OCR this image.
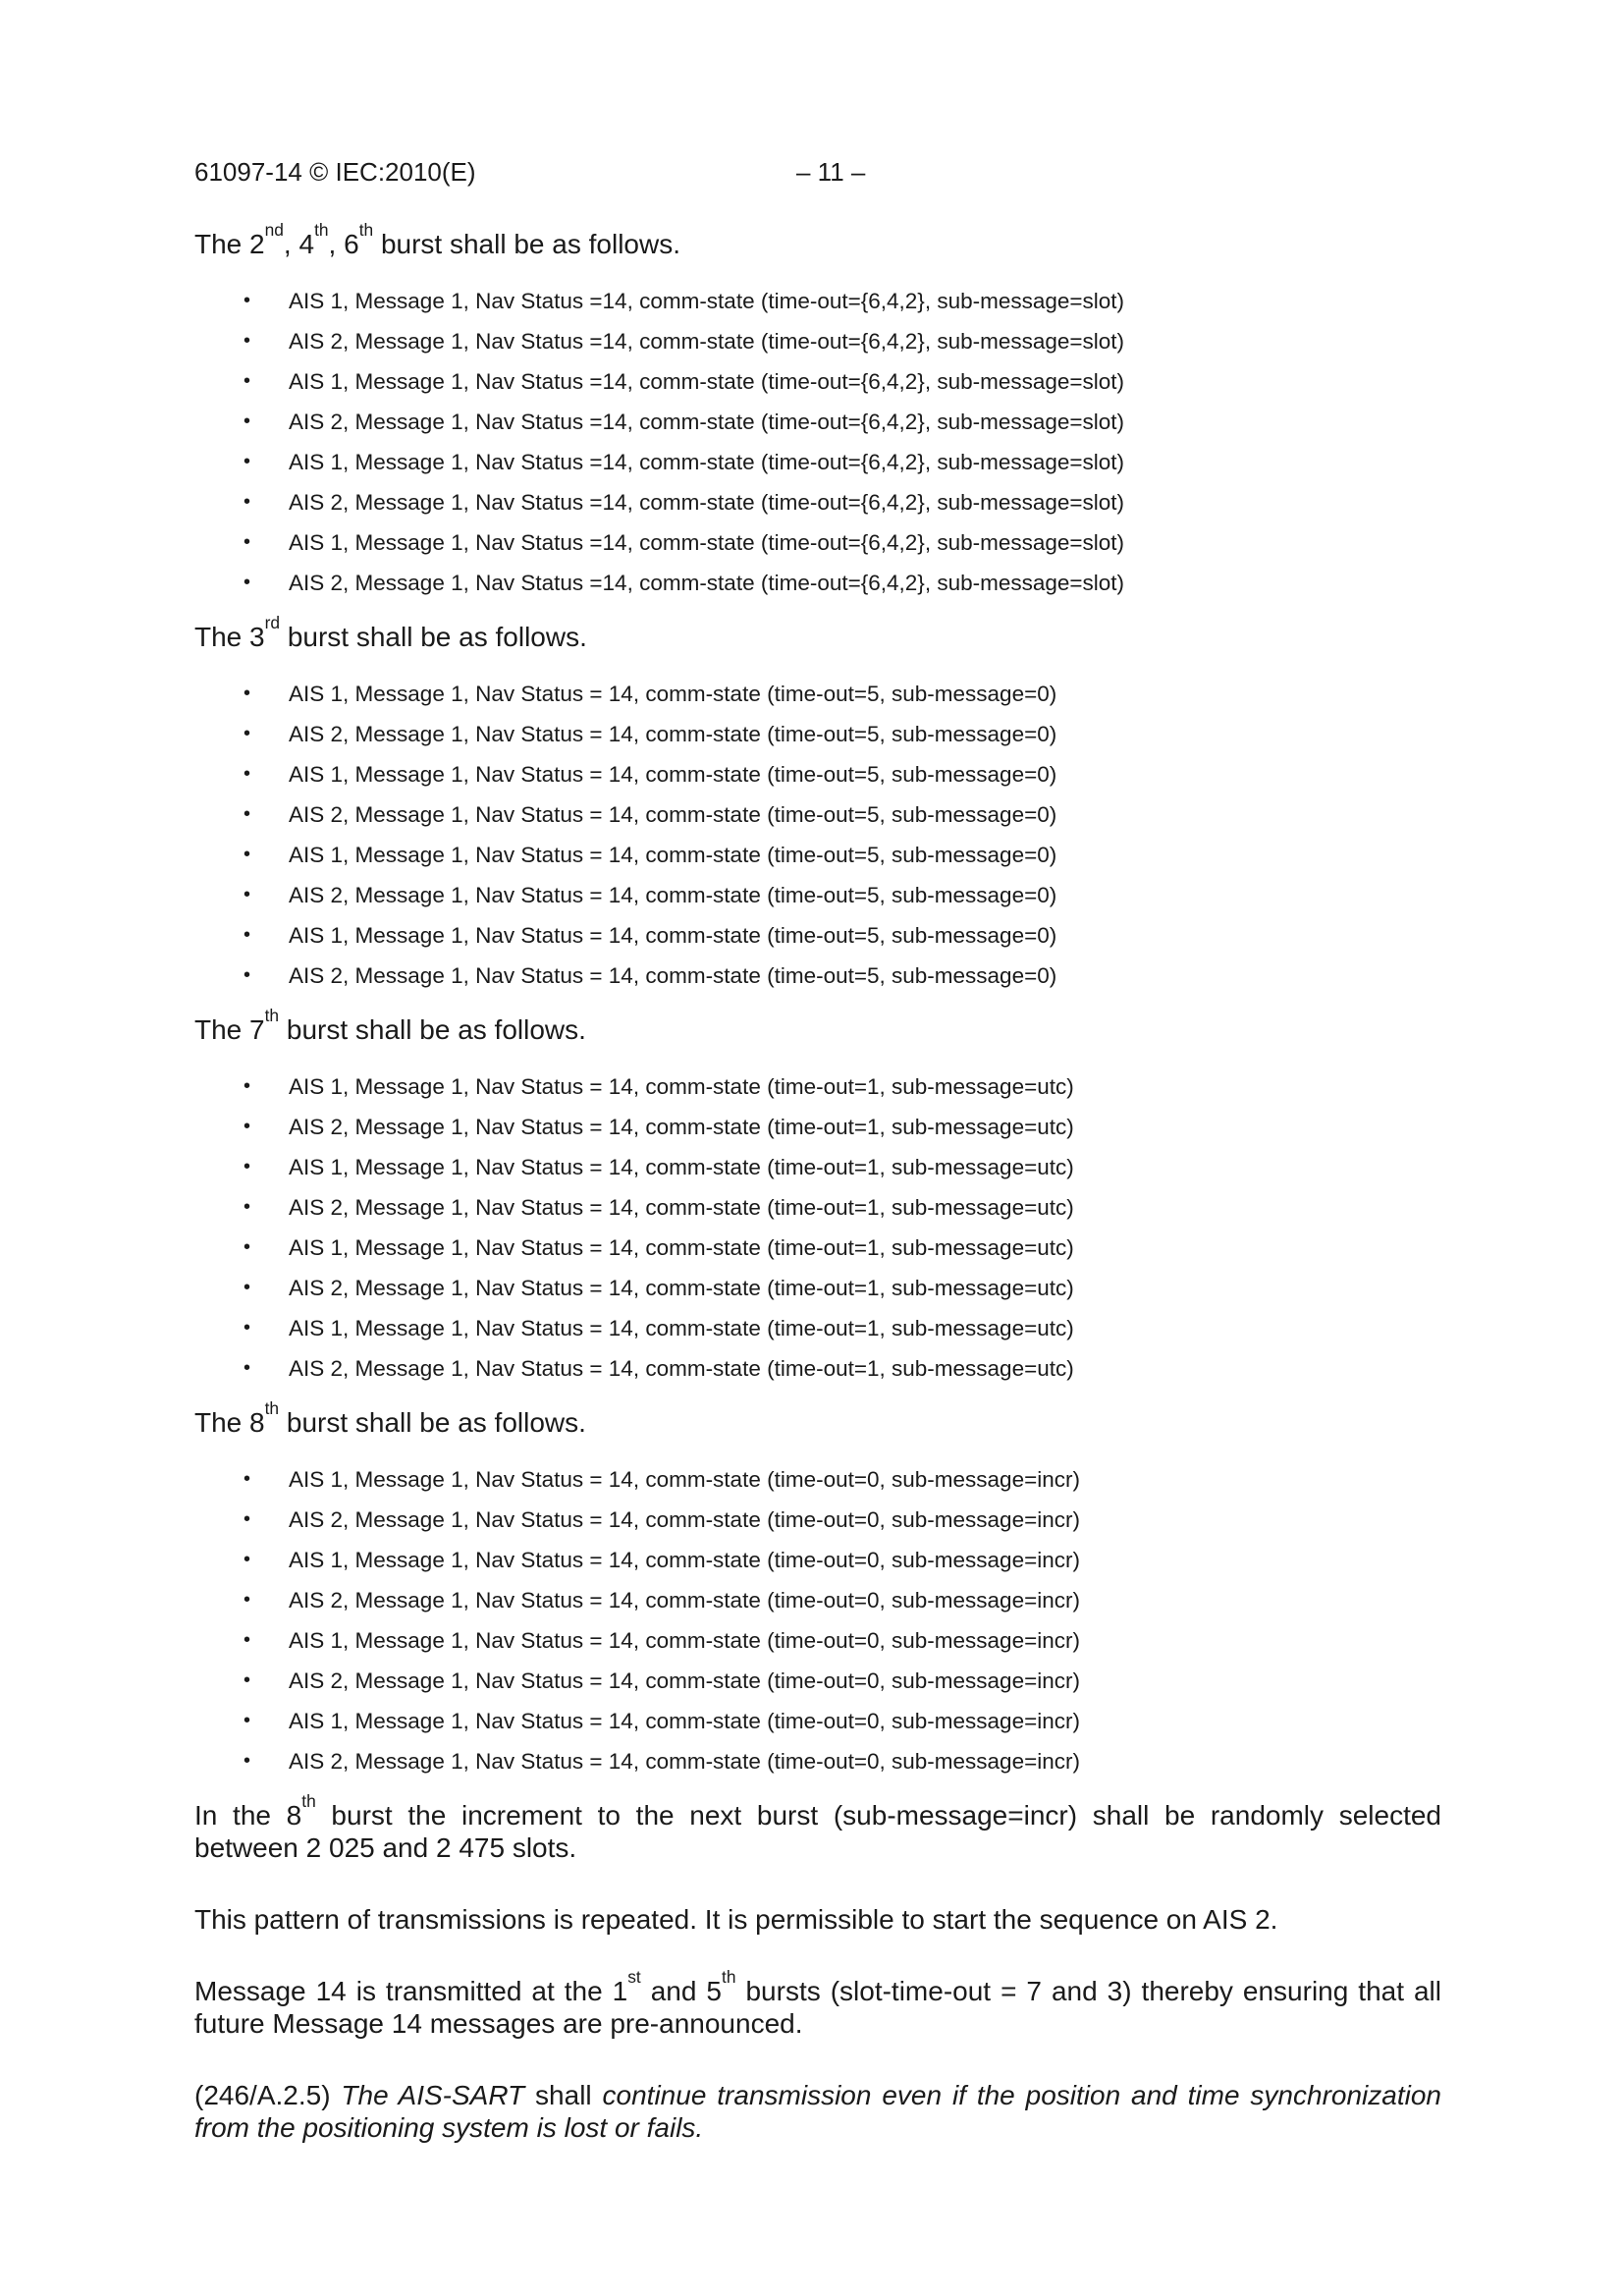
61097-14 © IEC:2010(E)	– 11 –
The 2nd, 4th, 6th burst shall be as follows.
• AIS 1, Message 1, Nav Status =14, comm-state (time-out={6,4,2}, sub-message=slot)
• AIS 2, Message 1, Nav Status =14, comm-state (time-out={6,4,2}, sub-message=slot)
• AIS 1, Message 1, Nav Status =14, comm-state (time-out={6,4,2}, sub-message=slot)
• AIS 2, Message 1, Nav Status =14, comm-state (time-out={6,4,2}, sub-message=slot)
• AIS 1, Message 1, Nav Status =14, comm-state (time-out={6,4,2}, sub-message=slot)
• AIS 2, Message 1, Nav Status =14, comm-state (time-out={6,4,2}, sub-message=slot)
• AIS 1, Message 1, Nav Status =14, comm-state (time-out={6,4,2}, sub-message=slot)
• AIS 2, Message 1, Nav Status =14, comm-state (time-out={6,4,2}, sub-message=slot)
The 3rd burst shall be as follows.
• AIS 1, Message 1, Nav Status = 14, comm-state (time-out=5, sub-message=0)
• AIS 2, Message 1, Nav Status = 14, comm-state (time-out=5, sub-message=0)
• AIS 1, Message 1, Nav Status = 14, comm-state (time-out=5, sub-message=0)
• AIS 2, Message 1, Nav Status = 14, comm-state (time-out=5, sub-message=0)
• AIS 1, Message 1, Nav Status = 14, comm-state (time-out=5, sub-message=0)
• AIS 2, Message 1, Nav Status = 14, comm-state (time-out=5, sub-message=0)
• AIS 1, Message 1, Nav Status = 14, comm-state (time-out=5, sub-message=0)
• AIS 2, Message 1, Nav Status = 14, comm-state (time-out=5, sub-message=0)
The 7th burst shall be as follows.
• AIS 1, Message 1, Nav Status = 14, comm-state (time-out=1, sub-message=utc)
• AIS 2, Message 1, Nav Status = 14, comm-state (time-out=1, sub-message=utc)
• AIS 1, Message 1, Nav Status = 14, comm-state (time-out=1, sub-message=utc)
• AIS 2, Message 1, Nav Status = 14, comm-state (time-out=1, sub-message=utc)
• AIS 1, Message 1, Nav Status = 14, comm-state (time-out=1, sub-message=utc)
• AIS 2, Message 1, Nav Status = 14, comm-state (time-out=1, sub-message=utc)
• AIS 1, Message 1, Nav Status = 14, comm-state (time-out=1, sub-message=utc)
• AIS 2, Message 1, Nav Status = 14, comm-state (time-out=1, sub-message=utc)
The 8th burst shall be as follows.
• AIS 1, Message 1, Nav Status = 14, comm-state (time-out=0, sub-message=incr)
• AIS 2, Message 1, Nav Status = 14, comm-state (time-out=0, sub-message=incr)
• AIS 1, Message 1, Nav Status = 14, comm-state (time-out=0, sub-message=incr)
• AIS 2, Message 1, Nav Status = 14, comm-state (time-out=0, sub-message=incr)
• AIS 1, Message 1, Nav Status = 14, comm-state (time-out=0, sub-message=incr)
• AIS 2, Message 1, Nav Status = 14, comm-state (time-out=0, sub-message=incr)
• AIS 1, Message 1, Nav Status = 14, comm-state (time-out=0, sub-message=incr)
• AIS 2, Message 1, Nav Status = 14, comm-state (time-out=0, sub-message=incr)

In the 8th burst the increment to the next burst (sub-message=incr) shall be randomly selected between 2 025 and 2 475 slots.

This pattern of transmissions is repeated. It is permissible to start the sequence on AIS 2.

Message 14 is transmitted at the 1st and 5th bursts (slot-time-out = 7 and 3) thereby ensuring that all future Message 14 messages are pre-announced.

(246/A.2.5) The AIS-SART shall continue transmission even if the position and time synchronization from the positioning system is lost or fails.
